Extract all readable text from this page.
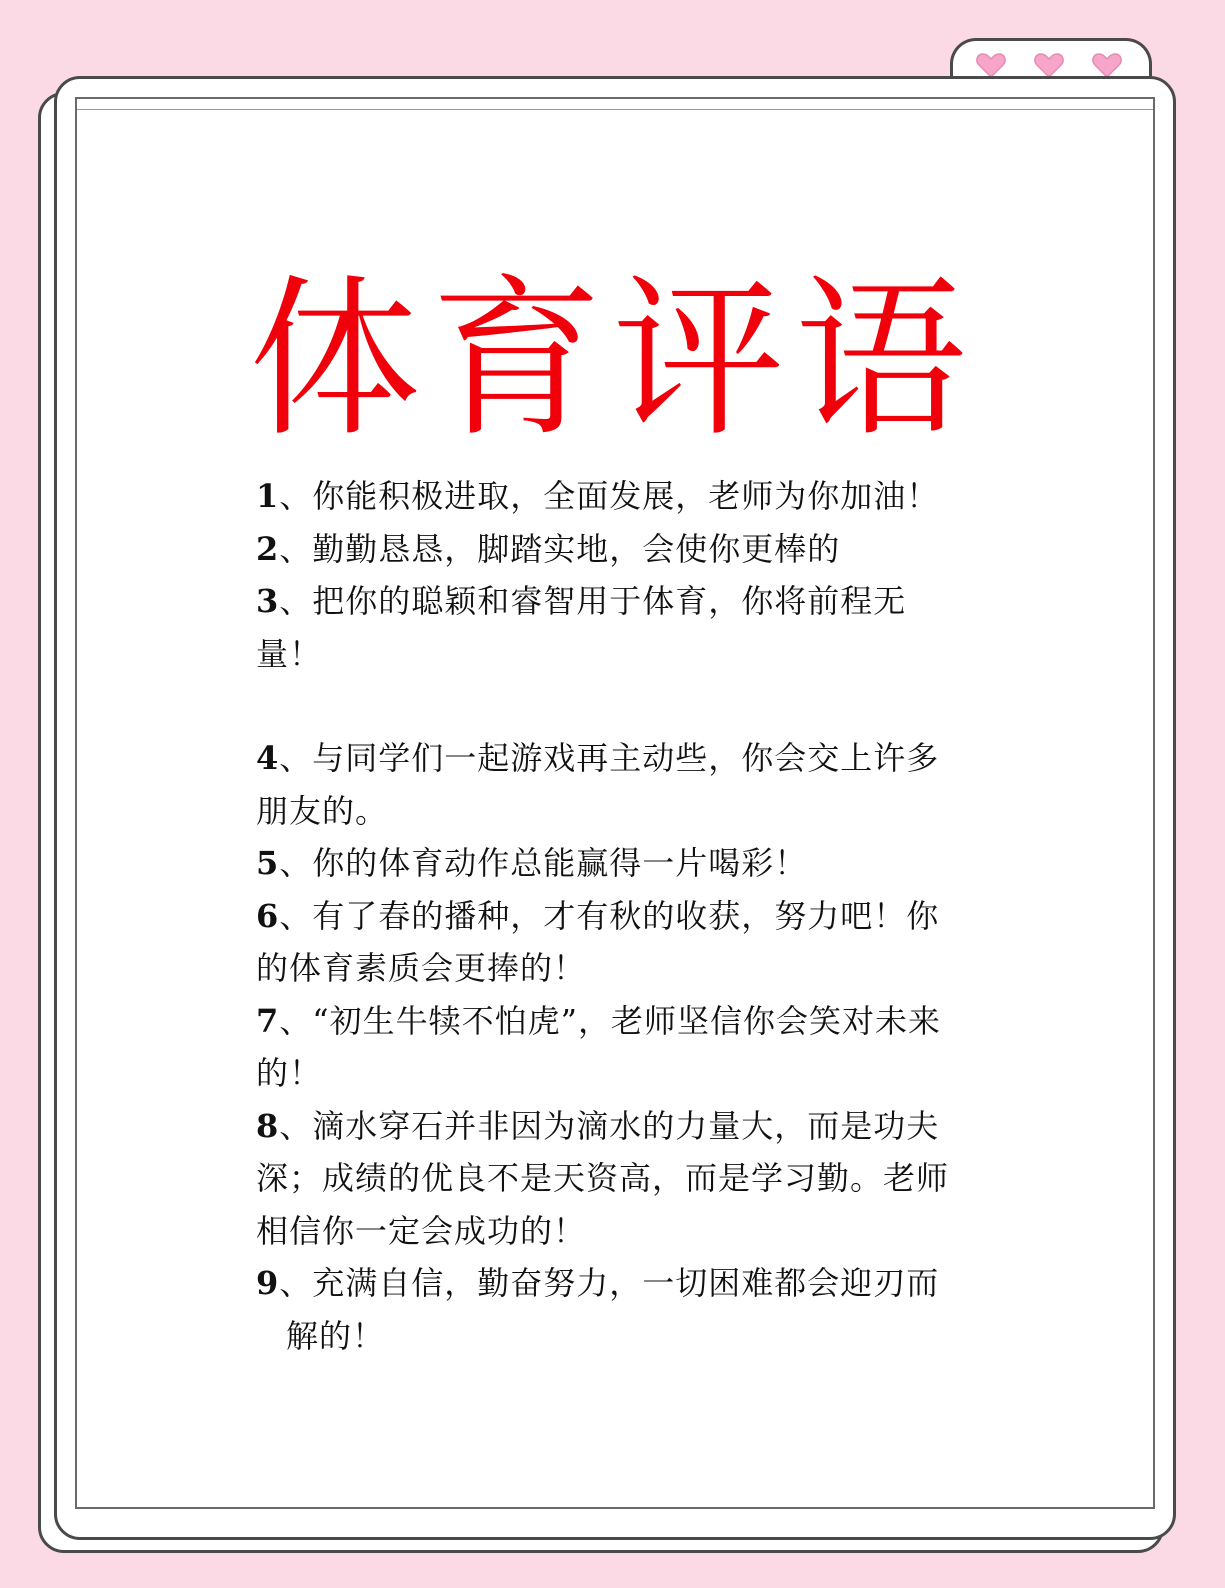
体育评语

1、你能积极进取，全面发展，老师为你加油！

2、勤勤恳恳，脚踏实地，会使你更棒的

3、把你的聪颖和睿智用于体育，你将前程无量！

4、与同学们一起游戏再主动些，你会交上许多朋友的。

5、你的体育动作总能赢得一片喝彩！

6、有了春的播种，才有秋的收获，努力吧！你的体育素质会更捧的！

7、“初生牛犊不怕虎”，老师坚信你会笑对未来的！

8、滴水穿石并非因为滴水的力量大，而是功夫深；成绩的优良不是天资高，而是学习勤。老师相信你一定会成功的！

9、充满自信，勤奋努力，一切困难都会迎刃而
解的！
